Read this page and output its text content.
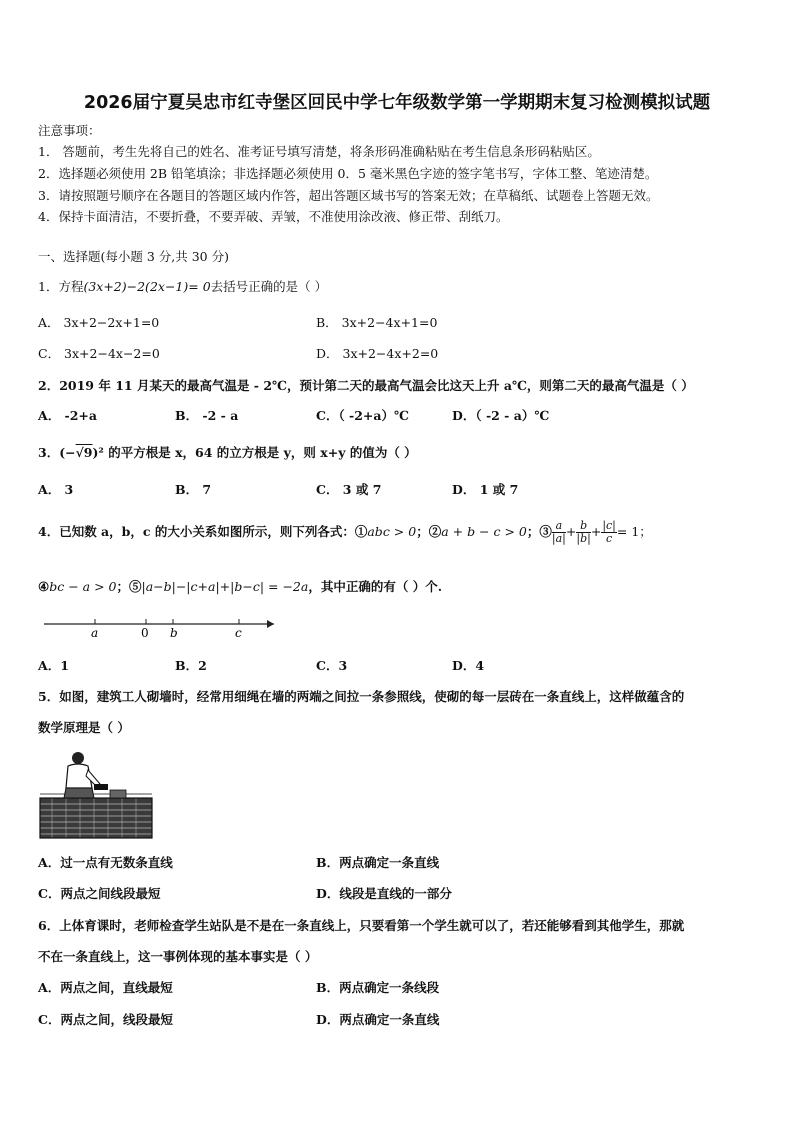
2026届宁夏吴忠市红寺堡区回民中学七年级数学第一学期期末复习检测模拟试题
注意事项：
1． 答题前，考生先将自己的姓名、准考证号填写清楚，将条形码准确粘贴在考生信息条形码粘贴区。
2．选择题必须使用 2B 铅笔填涂；非选择题必须使用 0．5 毫米黑色字迹的签字笔书写，字体工整、笔迹清楚。
3．请按照题号顺序在各题目的答题区域内作答，超出答题区域书写的答案无效；在草稿纸、试题卷上答题无效。
4．保持卡面清洁，不要折叠，不要弄破、弄皱，不准使用涂改液、修正带、刮纸刀。
一、选择题(每小题 3 分,共 30 分)
1．方程(3x+2)−2(2x−1)= 0去括号正确的是（ ）
A． 3x+2−2x+1=0	B． 3x+2−4x+1=0
C． 3x+2−4x−2=0	D． 3x+2−4x+2=0
2．2019 年 11 月某天的最高气温是 - 2℃，预计第二天的最高气温会比这天上升 a℃，则第二天的最高气温是（ ）
A． -2+a	B． -2 - a	C．（ -2+a）℃	D．（ -2 - a）℃
3．(−√9)² 的平方根是 x，64 的立方根是 y，则 x+y 的值为（ ）
A． 3	B． 7	C． 3 或 7	D． 1 或 7
4．已知数 a，b，c 的大小关系如图所示，则下列各式：①abc > 0；②a + b − c > 0；③ $\frac{a}{|a|} + \frac{b}{|b|} + \frac{|c|}{c} = 1$；
④bc − a > 0；⑤|a−b|−|c+a|+|b−c| = −2a，其中正确的有（ ）个.
a	0 b	c
A．1	B．2	C．3	D．4
5．如图，建筑工人砌墙时，经常用细绳在墙的两端之间拉一条参照线，使砌的每一层砖在一条直线上，这样做蕴含的
数学原理是（ ）
A．过一点有无数条直线	B．两点确定一条直线
C．两点之间线段最短	D．线段是直线的一部分
6．上体育课时，老师检查学生站队是不是在一条直线上，只要看第一个学生就可以了，若还能够看到其他学生，那就
不在一条直线上，这一事例体现的基本事实是（ ）
A．两点之间，直线最短	B．两点确定一条线段
C．两点之间，线段最短	D．两点确定一条直线
